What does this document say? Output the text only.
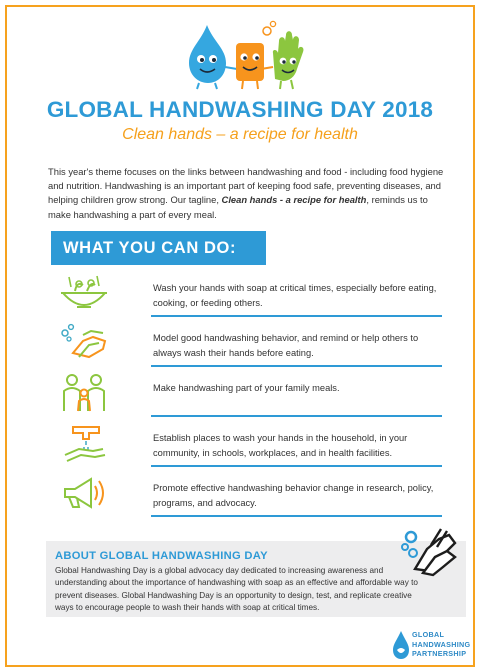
GLOBAL HANDWASHING DAY 2018
Clean hands – a recipe for health

This year's theme focuses on the links between handwashing and food - including food hygiene and nutrition. Handwashing is an important part of keeping food safe, preventing diseases, and helping children grow strong. Our tagline, Clean hands - a recipe for health, reminds us to make handwashing a part of every meal.

WHAT YOU CAN DO:
Wash your hands with soap at critical times, especially before eating, cooking, or feeding others.
Model good handwashing behavior, and remind or help others to always wash their hands before eating.
Make handwashing part of your family meals.
Establish places to wash your hands in the household, in your community, in schools, workplaces, and in health facilities.
Promote effective handwashing behavior change in research, policy, programs, and advocacy.
ABOUT GLOBAL HANDWASHING DAY

Global Handwashing Day is a global advocacy day dedicated to increasing awareness and understanding about the importance of handwashing with soap as an effective and affordable way to prevent diseases. Global Handwashing Day is an opportunity to design, test, and replicate creative ways to encourage people to wash their hands with soap at critical times.

GLOBAL
HANDWASHING
PARTNERSHIP
